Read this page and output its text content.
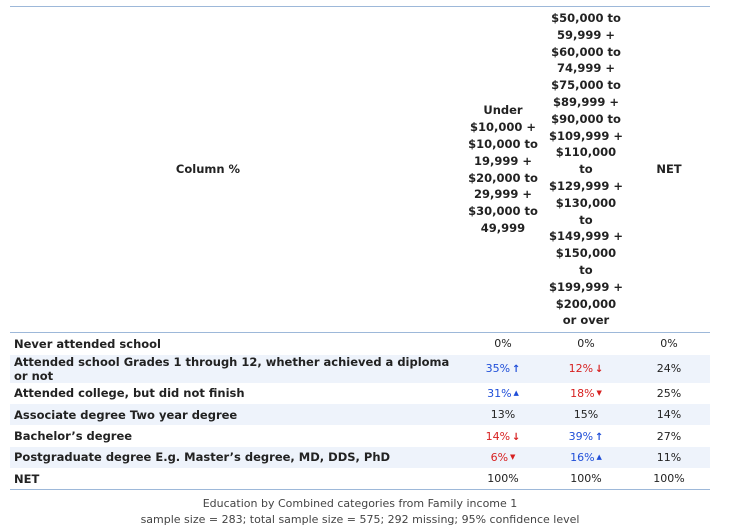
Column %	Under $10,000 + $10,000 to 19,999 + $20,000 to 29,999 + $30,000 to 49,999	$50,000 to 59,999 + $60,000 to 74,999 + $75,000 to $89,999 + $90,000 to $109,999 + $110,000 to $129,999 + $130,000 to $149,999 + $150,000 to $199,999 + $200,000 or over	NET
Never attended school	0%	0%	0%
Attended school Grades 1 through 12, whether achieved a diploma or not	35% ↑	12% ↓	24%
Attended college, but did not finish	31% ▲	18% ▼	25%
Associate degree Two year degree	13%	15%	14%
Bachelor’s degree	14% ↓	39% ↑	27%
Postgraduate degree E.g. Master’s degree, MD, DDS, PhD	6% ▼	16% ▲	11%
NET	100%	100%	100%
Education by Combined categories from Family income 1
sample size = 283; total sample size = 575; 292 missing; 95% confidence level
